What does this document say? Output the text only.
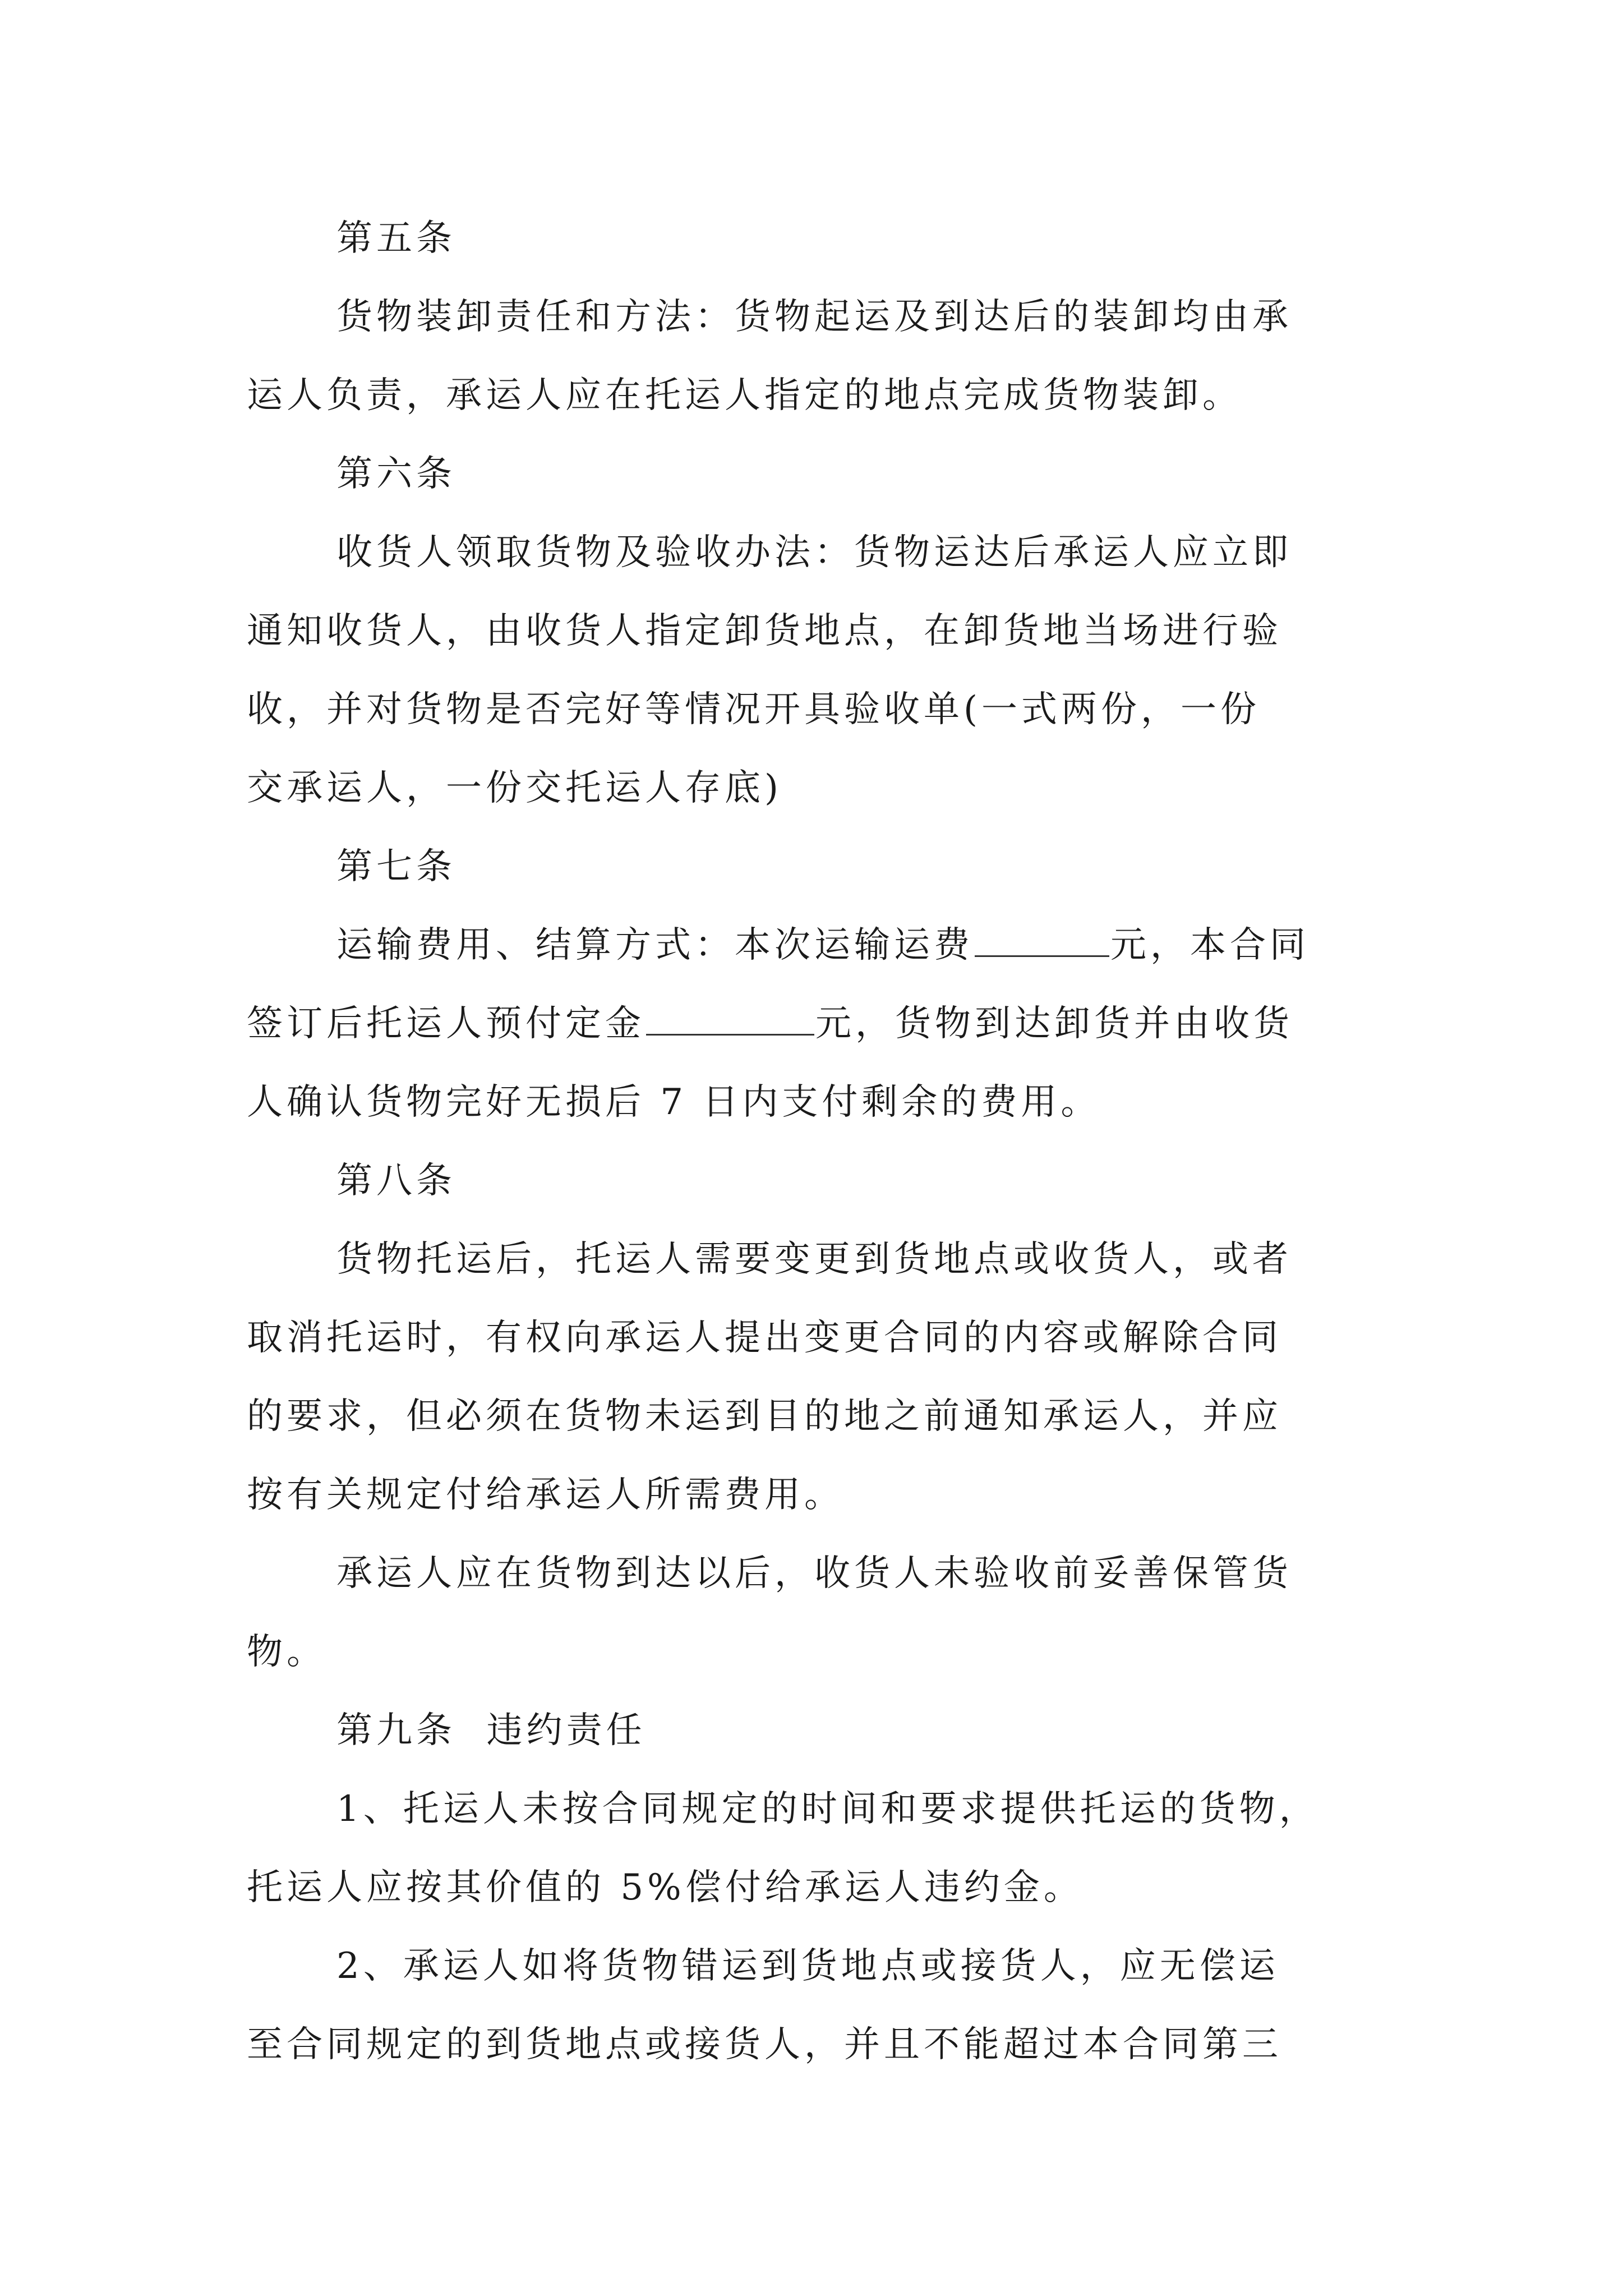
第五条
货物装卸责任和方法：货物起运及到达后的装卸均由承
运人负责，承运人应在托运人指定的地点完成货物装卸。
第六条
收货人领取货物及验收办法：货物运达后承运人应立即
通知收货人，由收货人指定卸货地点，在卸货地当场进行验
收，并对货物是否完好等情况开具验收单(一式两份，一份
交承运人，一份交托运人存底)
第七条
运输费用、结算方式：本次运输运费	元，本合同
签订后托运人预付定金	元，货物到达卸货并由收货
人确认货物完好无损后 7 日内支付剩余的费用。
第八条
货物托运后，托运人需要变更到货地点或收货人，或者
取消托运时，有权向承运人提出变更合同的内容或解除合同
的要求，但必须在货物未运到目的地之前通知承运人，并应
按有关规定付给承运人所需费用。
承运人应在货物到达以后，收货人未验收前妥善保管货
物。
第九条  违约责任
1、托运人未按合同规定的时间和要求提供托运的货物，
托运人应按其价值的 5%偿付给承运人违约金。
2、承运人如将货物错运到货地点或接货人，应无偿运
至合同规定的到货地点或接货人，并且不能超过本合同第三
